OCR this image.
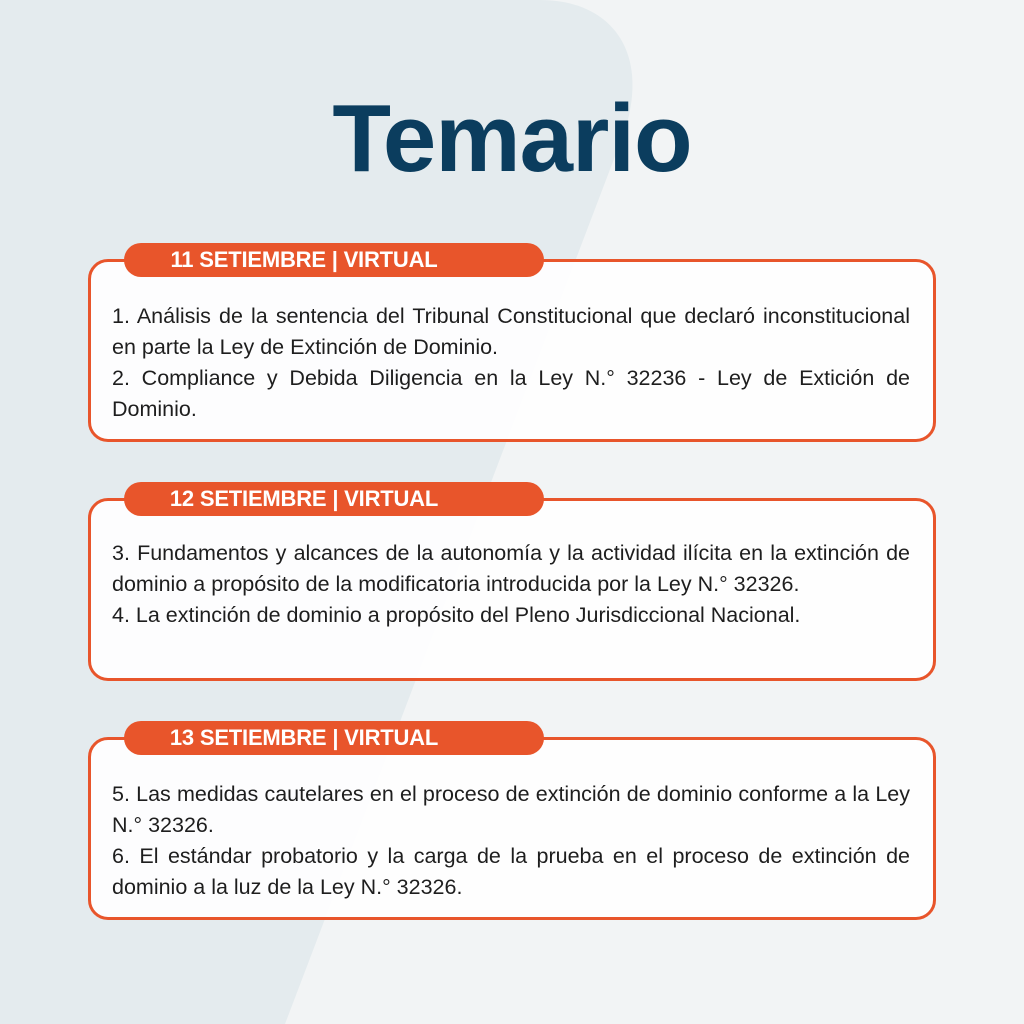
Temario
11 SETIEMBRE | VIRTUAL
1. Análisis de la sentencia del Tribunal Constitucional que declaró inconstitucional en parte la Ley de Extinción de Dominio.
2. Compliance y Debida Diligencia en la Ley N.° 32236 - Ley de Extición de Dominio.
12 SETIEMBRE | VIRTUAL
3. Fundamentos y alcances de la autonomía y la actividad ilícita en la extinción de dominio a propósito de la modificatoria introducida por la Ley N.° 32326.
4. La extinción de dominio a propósito del Pleno Jurisdiccional Nacional.
13 SETIEMBRE | VIRTUAL
5. Las medidas cautelares en el proceso de extinción de dominio conforme a la Ley N.° 32326.
6. El estándar probatorio y la carga de la prueba en el proceso de extinción de dominio a la luz de la Ley N.° 32326.
